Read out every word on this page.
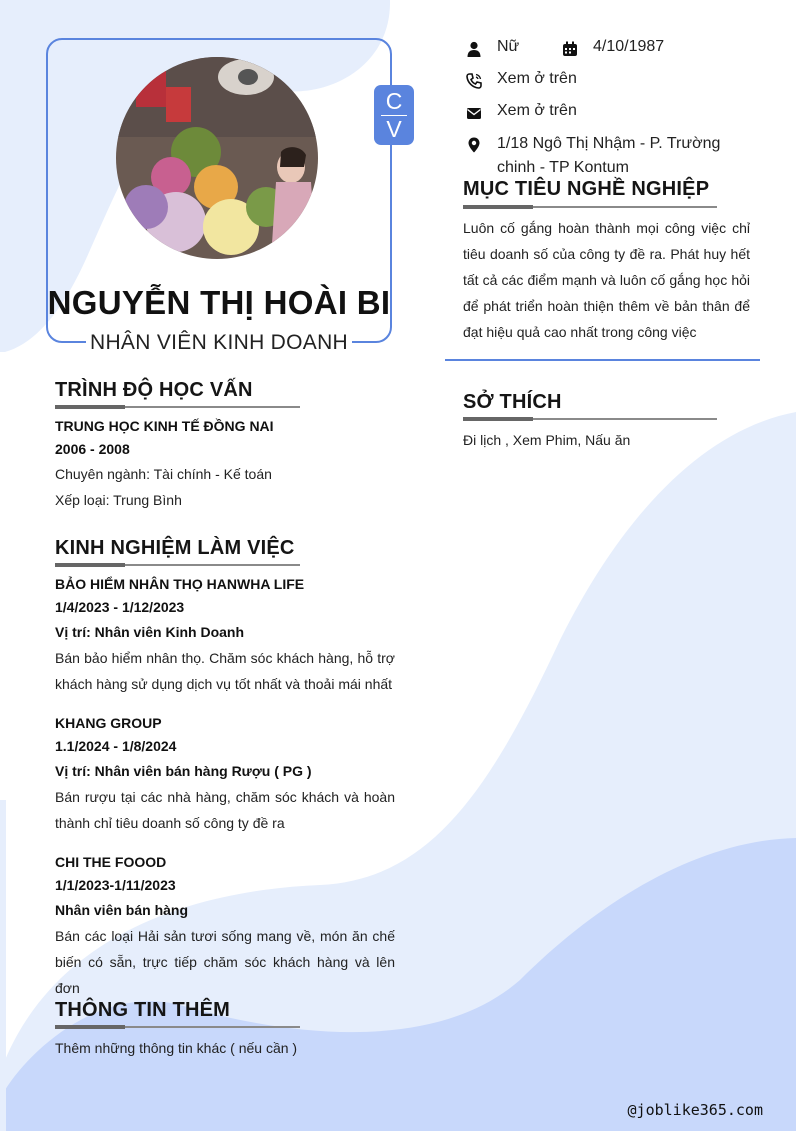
C
V
NGUYỄN THỊ HOÀI BI
NHÂN VIÊN KINH DOANH
Nữ	4/10/1987
Xem ở trên
Xem ở trên
1/18 Ngô Thị Nhậm - P. Trường
chinh - TP Kontum
MỤC TIÊU NGHỀ NGHIỆP
Luôn cố gắng hoàn thành mọi công việc chỉ
tiêu doanh số của công ty đề ra. Phát huy hết
tất cả các điểm mạnh và luôn cố gắng học hỏi
để phát triển hoàn thiện thêm về bản thân để
đạt hiệu quả cao nhất trong công việc
SỞ THÍCH
Đi lịch , Xem Phim, Nấu ăn
TRÌNH ĐỘ HỌC VẤN
TRUNG HỌC KINH TẾ ĐỒNG NAI
2006 - 2008
Chuyên ngành: Tài chính - Kế toán
Xếp loại: Trung Bình
KINH NGHIỆM LÀM VIỆC
BẢO HIỂM NHÂN THỌ HANWHA LIFE
1/4/2023 - 1/12/2023
Vị trí: Nhân viên Kinh Doanh
Bán bảo hiểm nhân thọ. Chăm sóc khách hàng, hỗ trợ
khách hàng sử dụng dịch vụ tốt nhất và thoải mái nhất
KHANG GROUP
1.1/2024 - 1/8/2024
Vị trí: Nhân viên bán hàng Rượu ( PG )
Bán rượu tại các nhà hàng, chăm sóc khách và hoàn
thành chỉ tiêu doanh số công ty đề ra
CHI THE FOOOD
1/1/2023-1/11/2023
Nhân viên bán hàng
Bán các loại Hải sản tươi sống mang về, món ăn chế
biến có sẵn, trực tiếp chăm sóc khách hàng và lên đơn
THÔNG TIN THÊM
Thêm những thông tin khác ( nếu cần )
@joblike365.com
